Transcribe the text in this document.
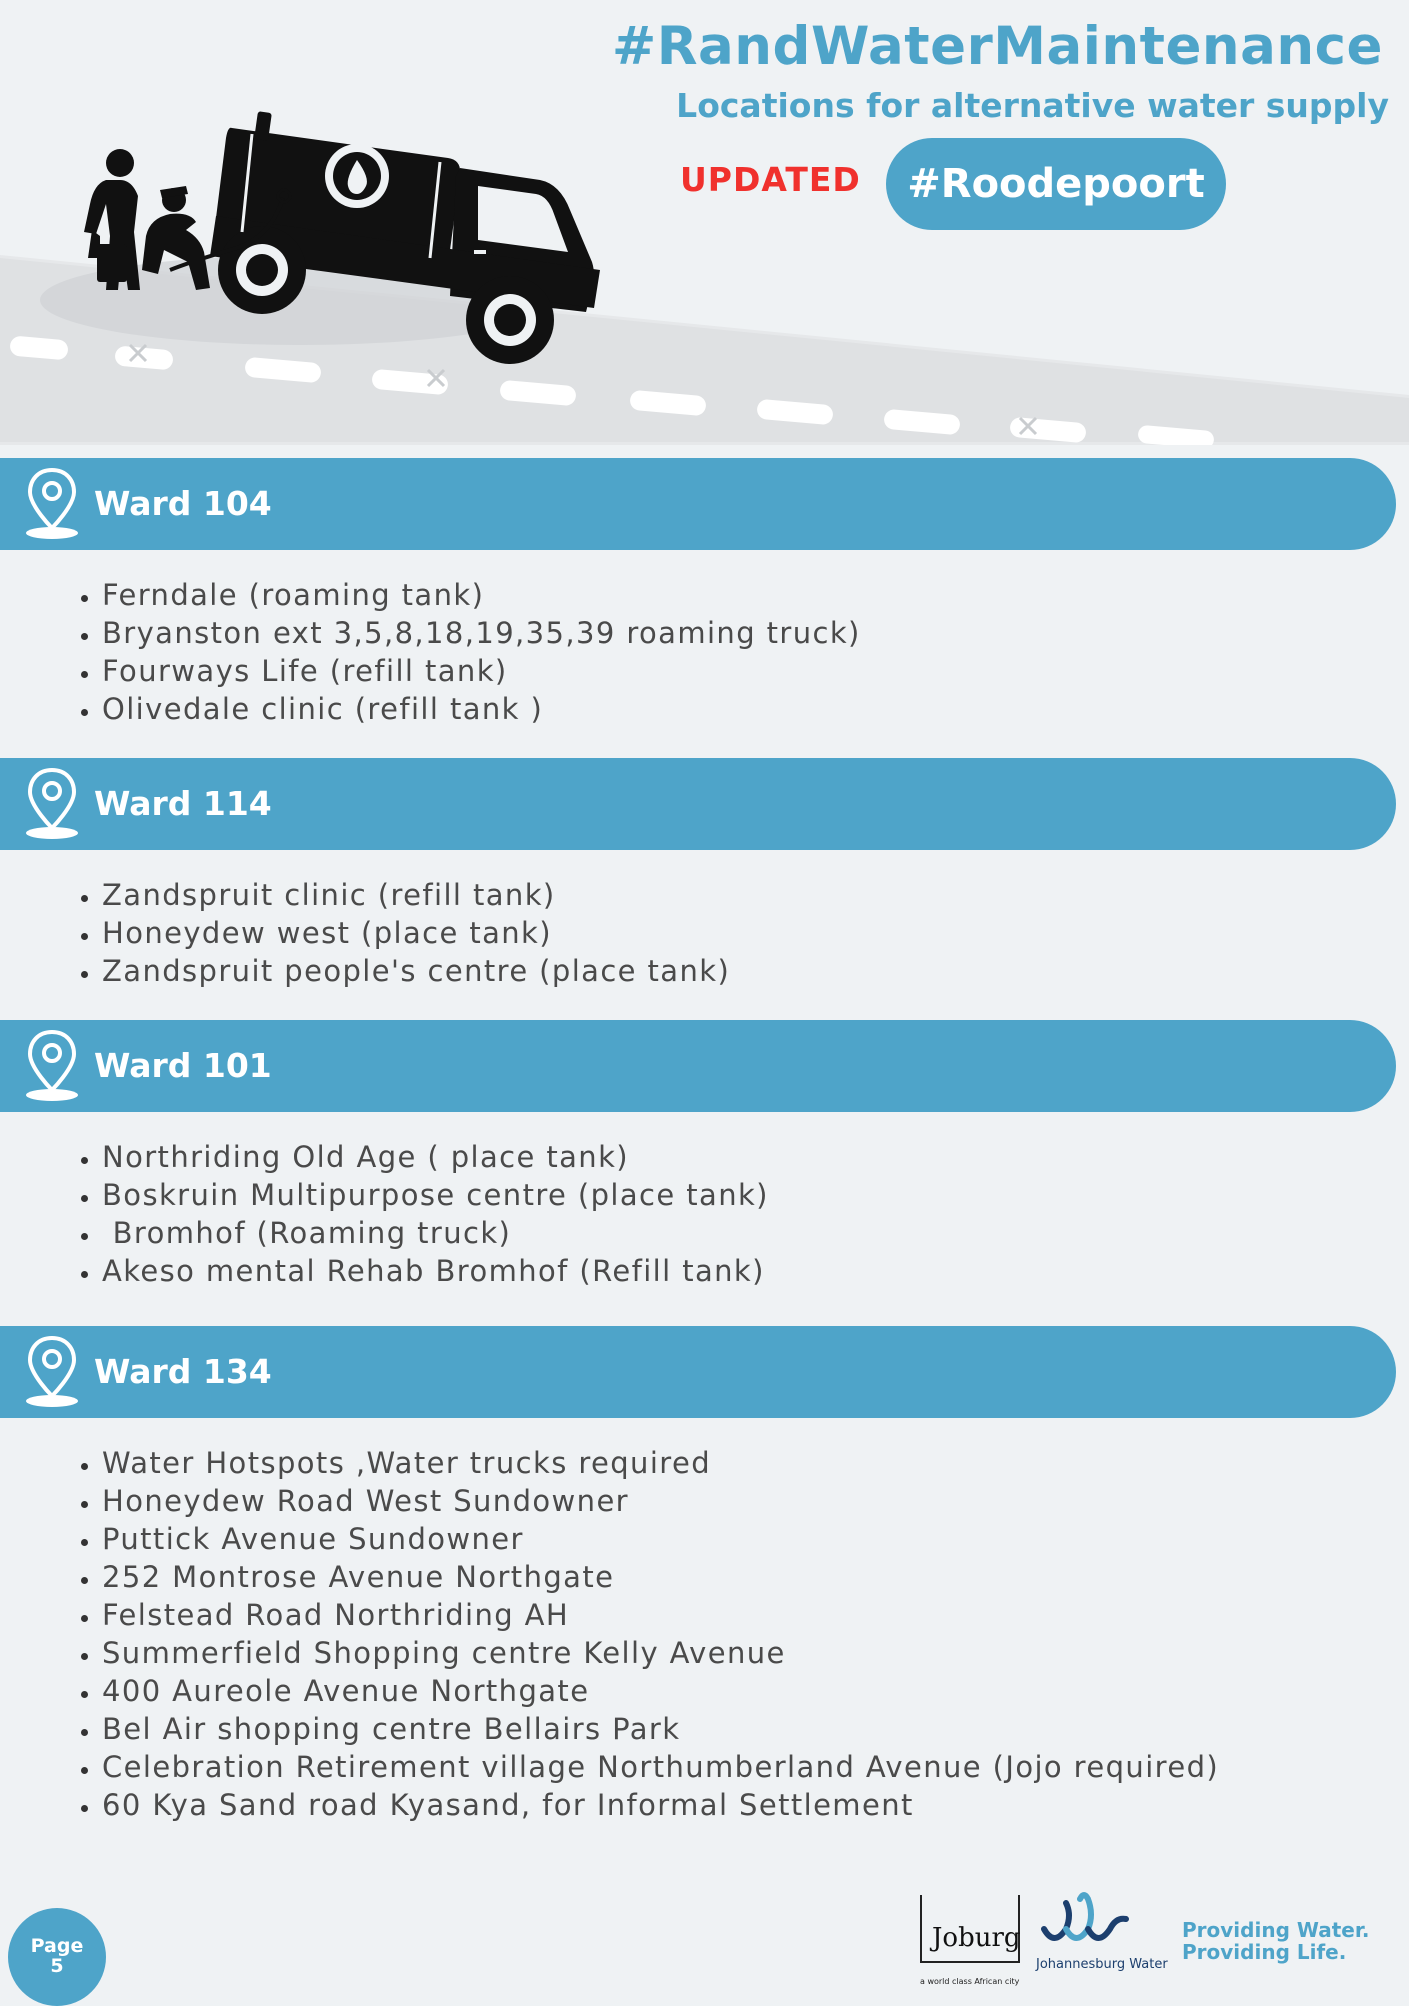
#RandWaterMaintenance
Locations for alternative water supply
UPDATED	#Roodepoort
Ward 104
• Ferndale (roaming tank)
• Bryanston ext 3,5,8,18,19,35,39 roaming truck)
• Fourways Life (refill tank)
• Olivedale clinic (refill tank )
Ward 114
• Zandspruit clinic (refill tank)
• Honeydew west (place tank)
• Zandspruit people's centre (place tank)
Ward 101
• Northriding Old Age ( place tank)
• Boskruin Multipurpose centre (place tank)
•  Bromhof (Roaming truck)
• Akeso mental Rehab Bromhof (Refill tank)
Ward 134
• Water Hotspots ,Water trucks required
• Honeydew Road West Sundowner
• Puttick Avenue Sundowner
• 252 Montrose Avenue Northgate
• Felstead Road Northriding AH
• Summerfield Shopping centre Kelly Avenue
• 400 Aureole Avenue Northgate
• Bel Air shopping centre Bellairs Park
• Celebration Retirement village Northumberland Avenue (Jojo required)
• 60 Kya Sand road Kyasand, for Informal Settlement
Page
5
Joburg
a world class African city
Johannesburg Water
Providing Water.
Providing Life.
